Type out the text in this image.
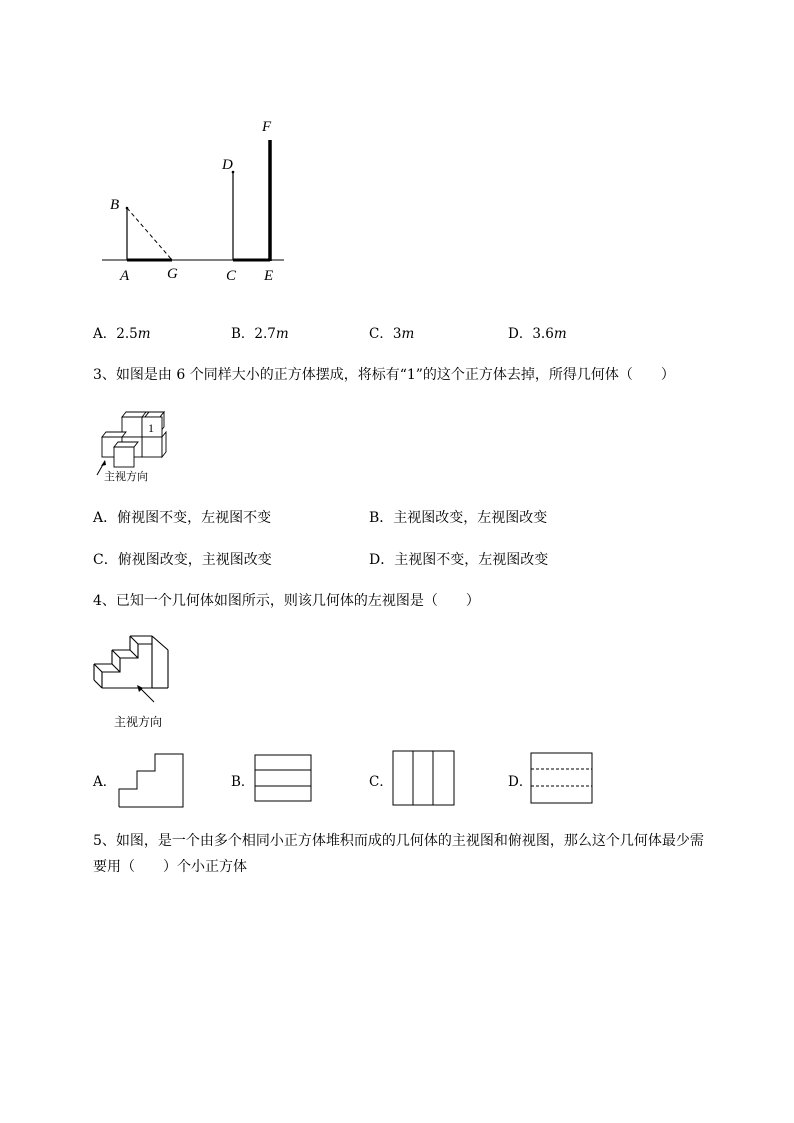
B
A	G
D
C
F
E
A．2.5m	B．2.7m	C．3m	D．3.6m
3、如图是由 6 个同样大小的正方体摆成，将标有“1”的这个正方体去掉，所得几何体（　　）
1
主视方向
A．俯视图不变，左视图不变	B．主视图改变，左视图改变
C．俯视图改变，主视图改变	D．主视图不变，左视图改变
4、已知一个几何体如图所示，则该几何体的左视图是（　　）
主视方向
A．	B．	C．	D．
5、如图，是一个由多个相同小正方体堆积而成的几何体的主视图和俯视图，那么这个几何体最少需
要用（　　）个小正方体
